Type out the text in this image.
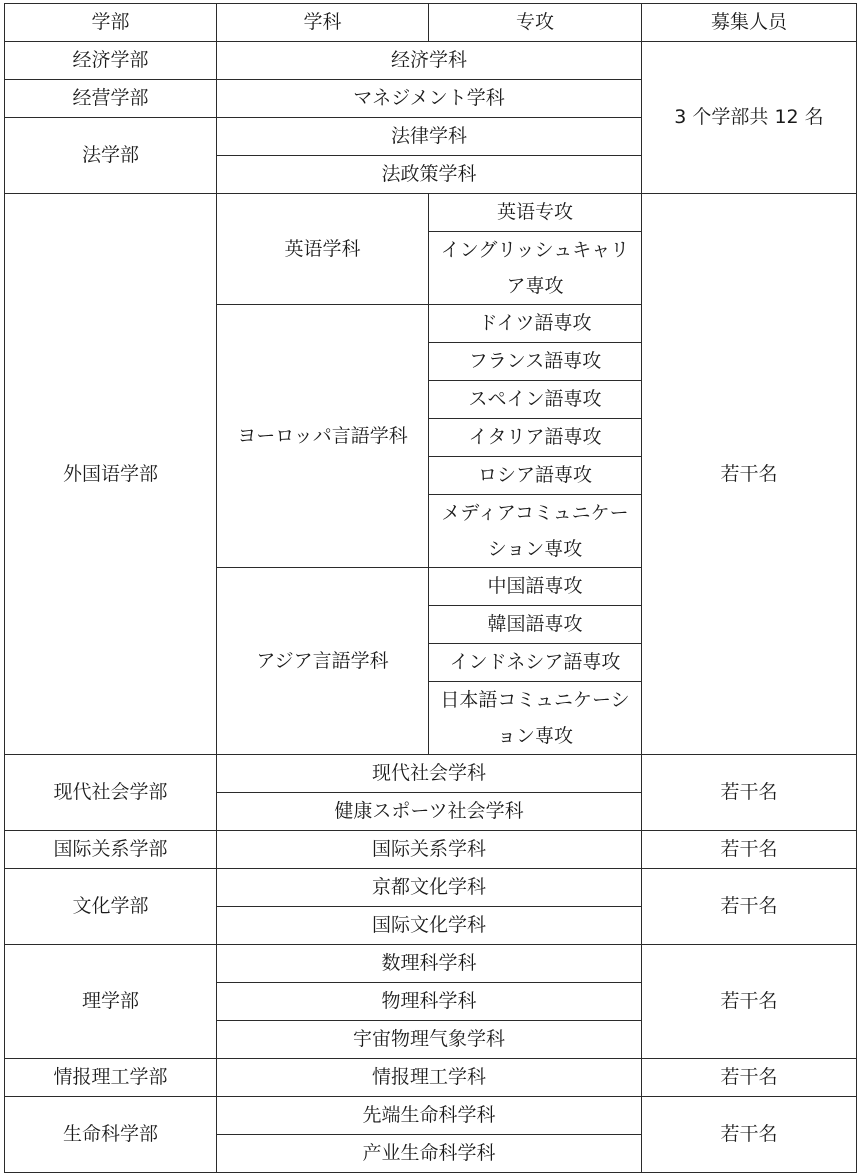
学部	学科	专攻	募集人员
经济学部	经济学科		3 个学部共 12 名
经营学部	マネジメント学科		
法学部	法律学科		
	法政策学科		
外国语学部	英语学科	英语专攻	若干名
		イングリッシュキャリア専攻	

	ヨーロッパ言語学科	ドイツ語専攻	
		フランス語専攻	
		スペイン語専攻	
		イタリア語専攻	
		ロシア語専攻	
		メディアコミュニケーション専攻	

	アジア言語学科	中国語専攻	
		韓国語専攻	
		インドネシア語専攻	
		日本語コミュニケーション専攻	

现代社会学部	现代社会学科		若干名
	健康スポーツ社会学科		
国际关系学部	国际关系学科		若干名
文化学部	京都文化学科		若干名
	国际文化学科		
理学部	数理科学科		若干名
	物理科学科		
	宇宙物理气象学科		
情报理工学部	情报理工学科		若干名
生命科学部	先端生命科学科		若干名
	产业生命科学科		
